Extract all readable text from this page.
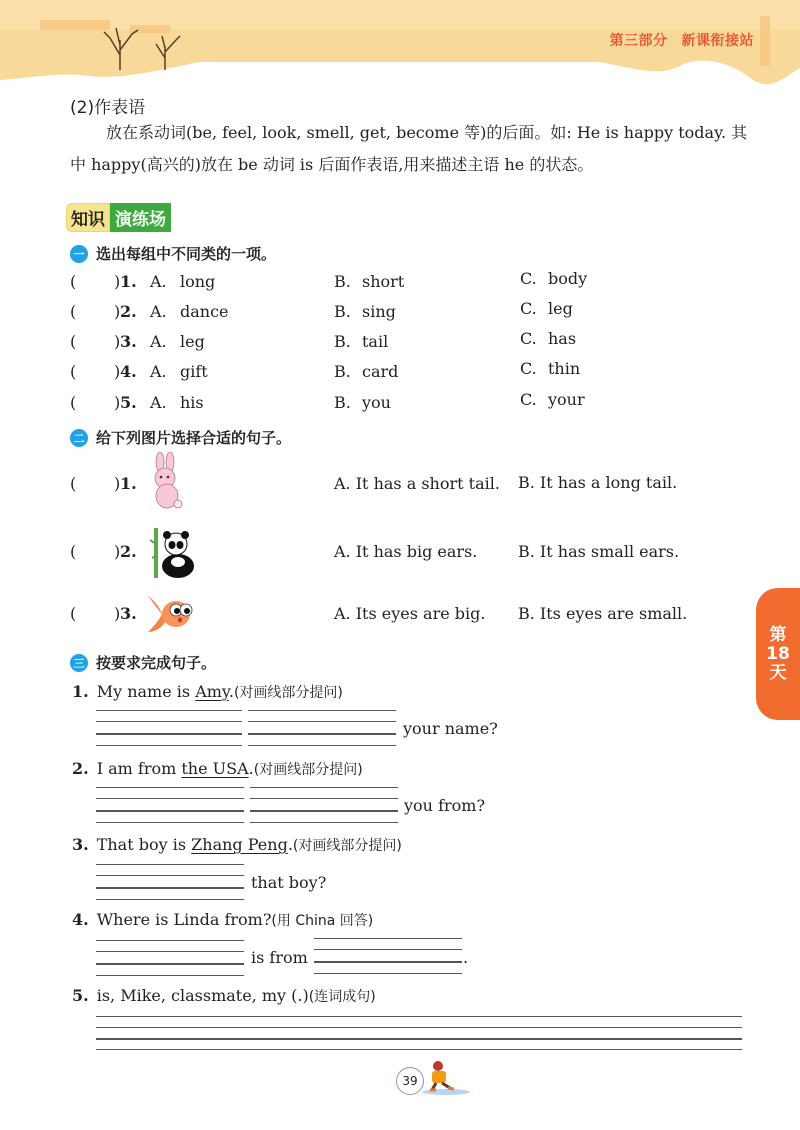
第三部分 新课衔接站
(2)作表语
放在系动词(be, feel, look, smell, get, become 等)的后面。如: He is happy today. 其中 happy(高兴的)放在 be 动词 is 后面作表语,用来描述主语 he 的状态。
知识 演练场
一 选出每组中不同类的一项。
( ) 1. A. long	B. short	C. body
( ) 2. A. dance	B. sing	C. leg
( ) 3. A. leg	B. tail	C. has
( ) 4. A. gift	B. card	C. thin
( ) 5. A. his	B. you	C. your
二 给下列图片选择合适的句子。
( ) 1.	A. It has a short tail. B. It has a long tail.
( ) 2.	A. It has big ears.	B. It has small ears.
( ) 3.	A. Its eyes are big. B. Its eyes are small.
三 按要求完成句子。
1. My name is Amy.(对画线部分提问)
your name?
2. I am from the USA.(对画线部分提问)
you from?
3. That boy is Zhang Peng.(对画线部分提问)
that boy?
4. Where is Linda from?(用 China 回答)
is from	.
5. is, Mike, classmate, my (.)(连词成句)
第
18
天
39
